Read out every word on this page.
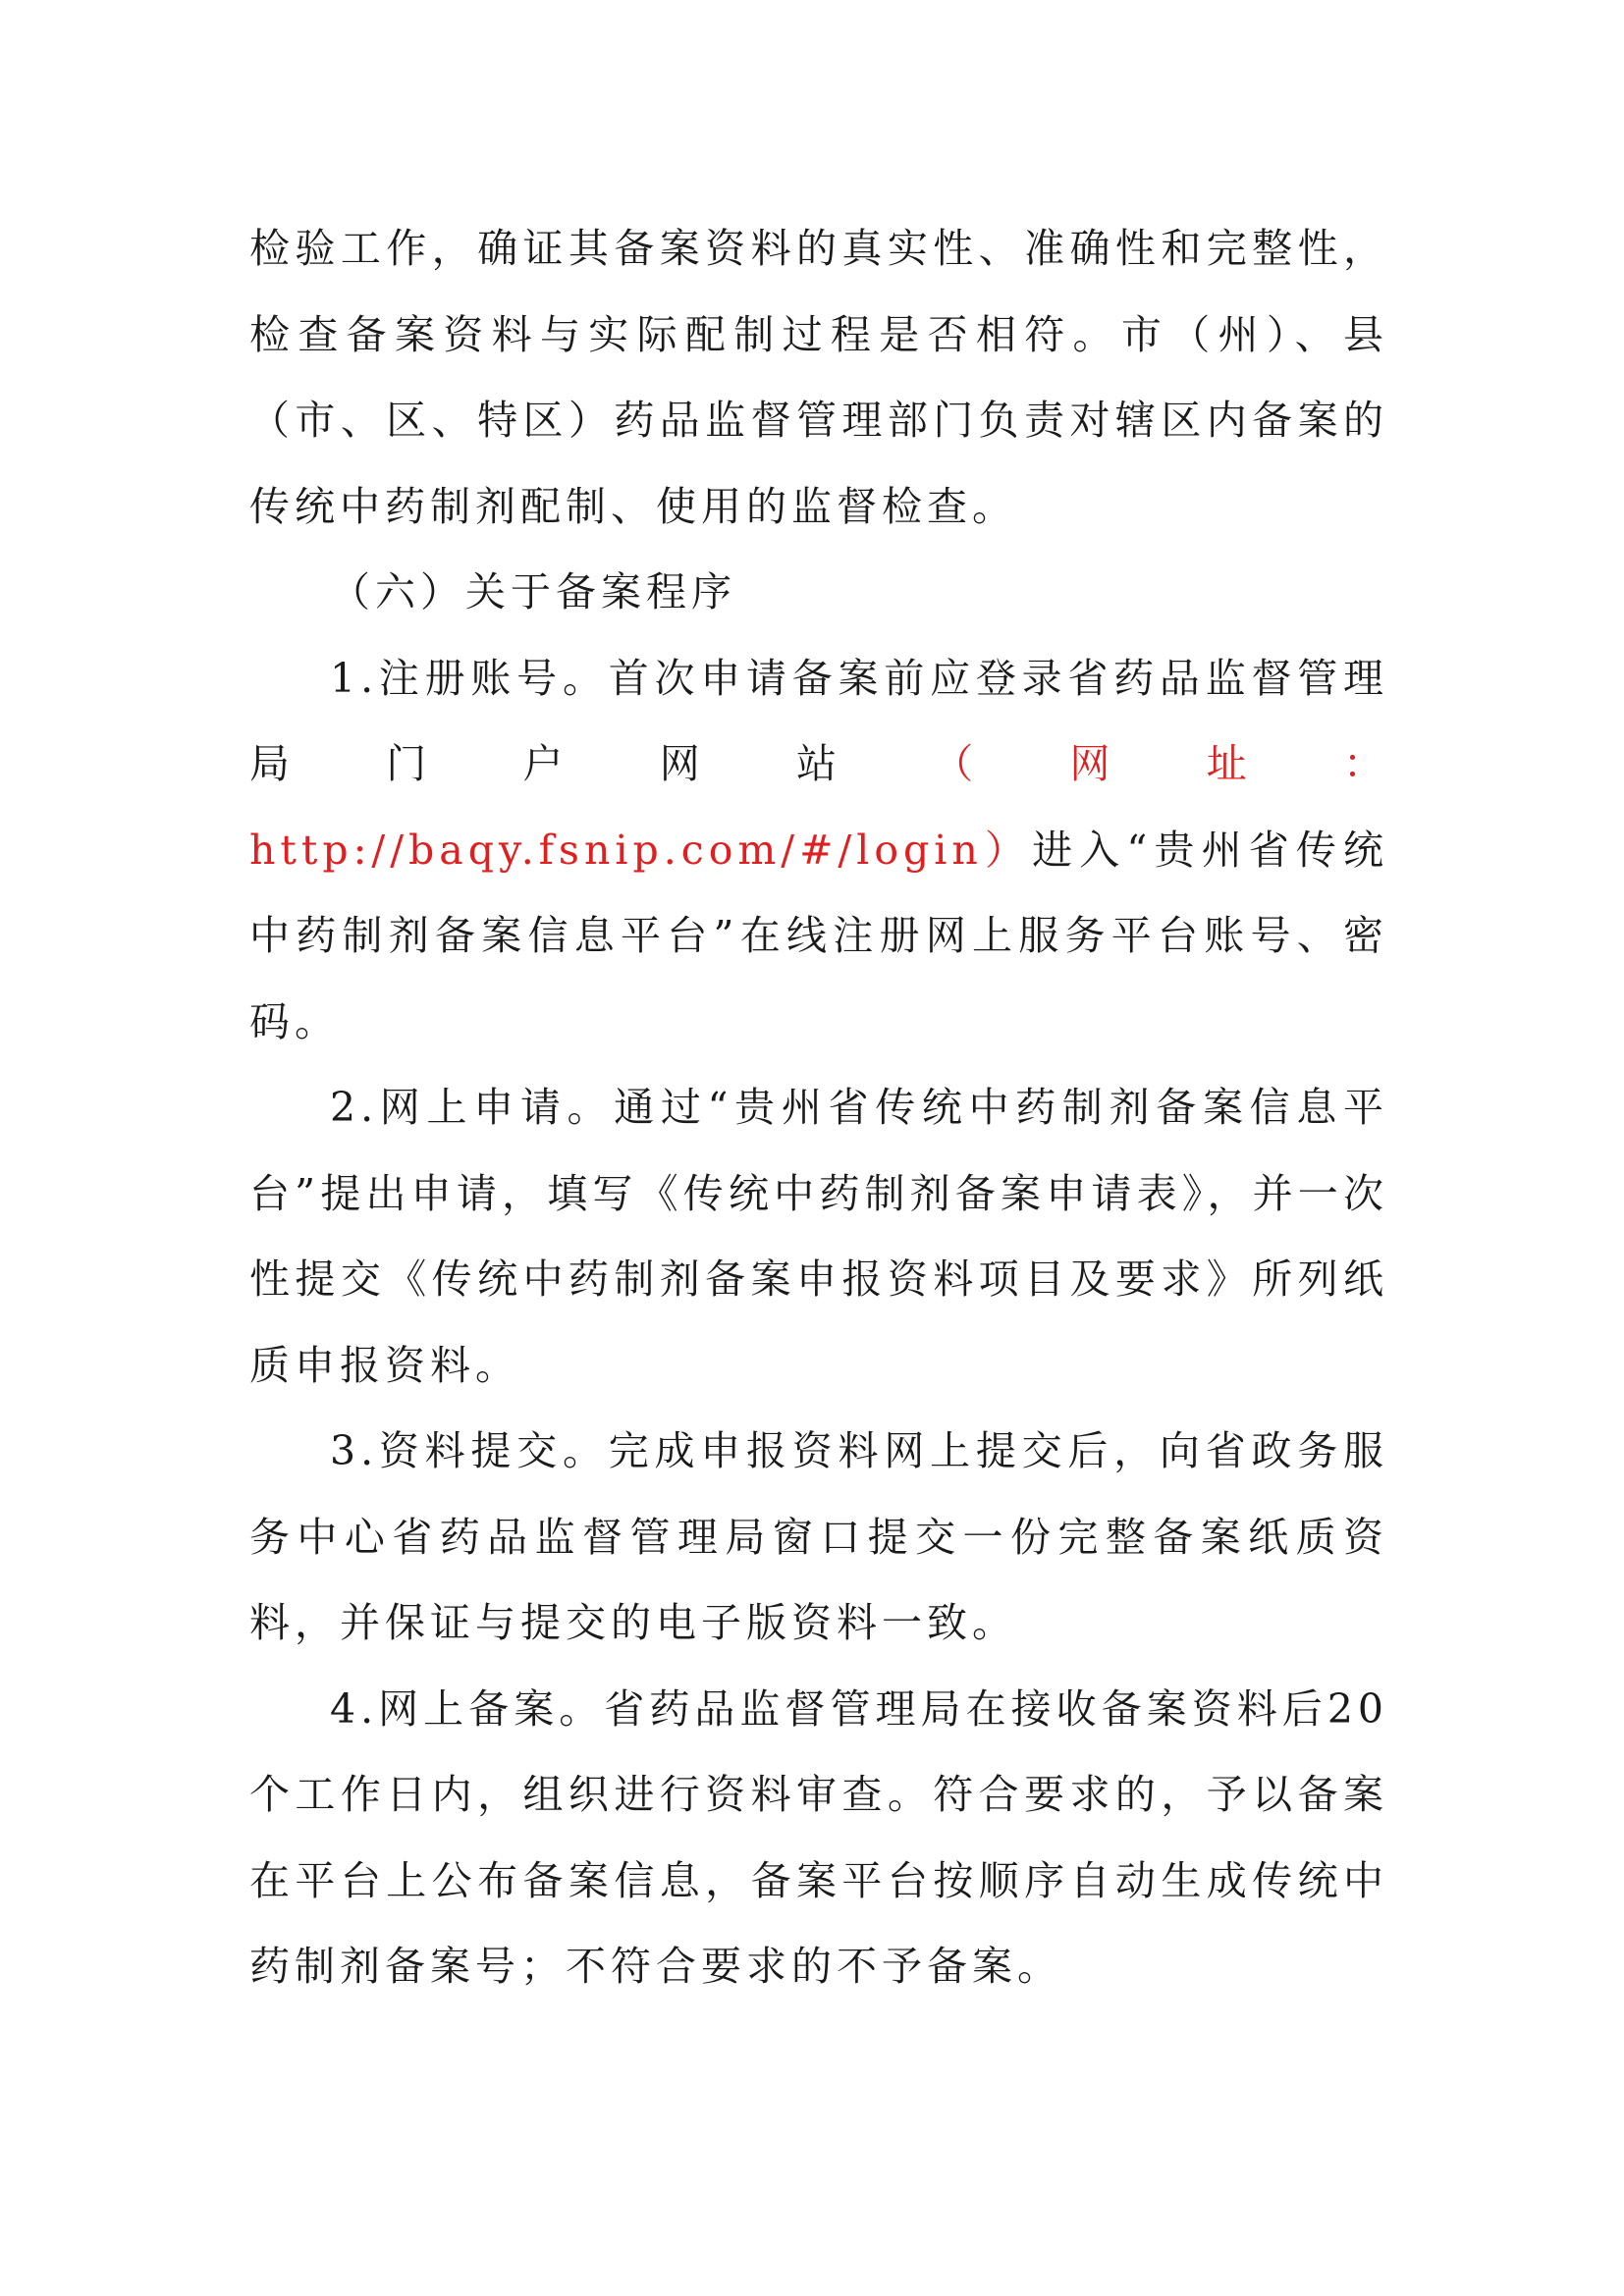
检验工作，确证其备案资料的真实性、准确性和完整性，检查备案资料与实际配制过程是否相符。市（州）、县（市、区、特区）药品监督管理部门负责对辖区内备案的传统中药制剂配制、使用的监督检查。

（六）关于备案程序

1.注册账号。首次申请备案前应登录省药品监督管理局门户网站（网址：http://baqy.fsnip.com/#/login）进入“贵州省传统中药制剂备案信息平台”在线注册网上服务平台账号、密码。

2.网上申请。通过“贵州省传统中药制剂备案信息平台”提出申请，填写《传统中药制剂备案申请表》，并一次性提交《传统中药制剂备案申报资料项目及要求》所列纸质申报资料。

3.资料提交。完成申报资料网上提交后，向省政务服务中心省药品监督管理局窗口提交一份完整备案纸质资料，并保证与提交的电子版资料一致。

4.网上备案。省药品监督管理局在接收备案资料后20个工作日内，组织进行资料审查。符合要求的，予以备案在平台上公布备案信息，备案平台按顺序自动生成传统中药制剂备案号；不符合要求的不予备案。
